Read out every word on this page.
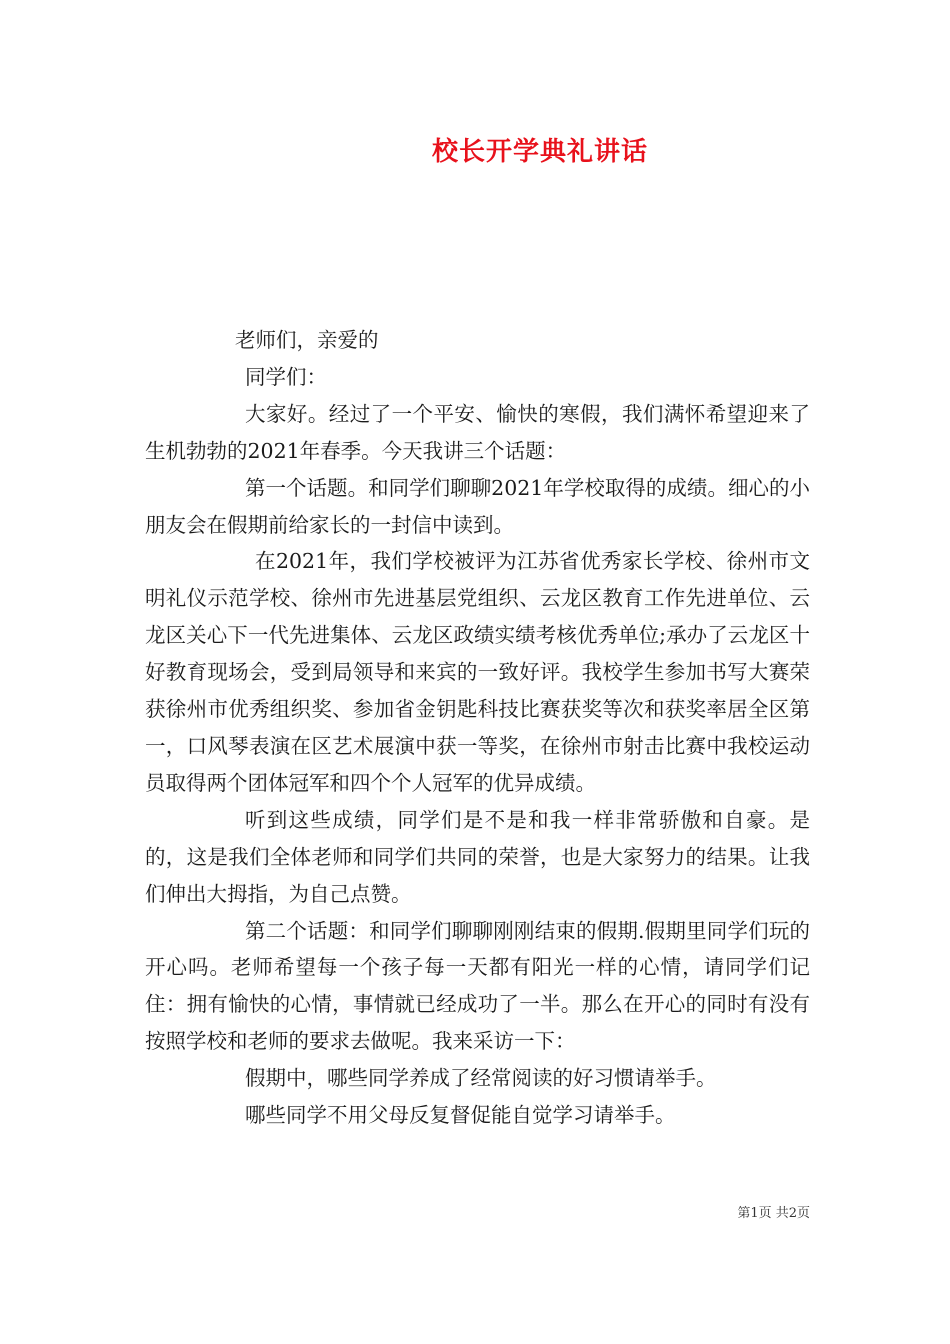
校长开学典礼讲话

老师们，亲爱的

同学们：

大家好。经过了一个平安、愉快的寒假，我们满怀希望迎来了生机勃勃的2021年春季。今天我讲三个话题：

第一个话题。和同学们聊聊2021年学校取得的成绩。细心的小朋友会在假期前给家长的一封信中读到。

在2021年，我们学校被评为江苏省优秀家长学校、徐州市文明礼仪示范学校、徐州市先进基层党组织、云龙区教育工作先进单位、云龙区关心下一代先进集体、云龙区政绩实绩考核优秀单位;承办了云龙区十好教育现场会，受到局领导和来宾的一致好评。我校学生参加书写大赛荣获徐州市优秀组织奖、参加省金钥匙科技比赛获奖等次和获奖率居全区第一，口风琴表演在区艺术展演中获一等奖，在徐州市射击比赛中我校运动员取得两个团体冠军和四个个人冠军的优异成绩。

听到这些成绩，同学们是不是和我一样非常骄傲和自豪。是的，这是我们全体老师和同学们共同的荣誉，也是大家努力的结果。让我们伸出大拇指，为自己点赞。

第二个话题：和同学们聊聊刚刚结束的假期.假期里同学们玩的开心吗。老师希望每一个孩子每一天都有阳光一样的心情，请同学们记住：拥有愉快的心情，事情就已经成功了一半。那么在开心的同时有没有按照学校和老师的要求去做呢。我来采访一下：

假期中，哪些同学养成了经常阅读的好习惯请举手。

哪些同学不用父母反复督促能自觉学习请举手。

第1页 共2页
